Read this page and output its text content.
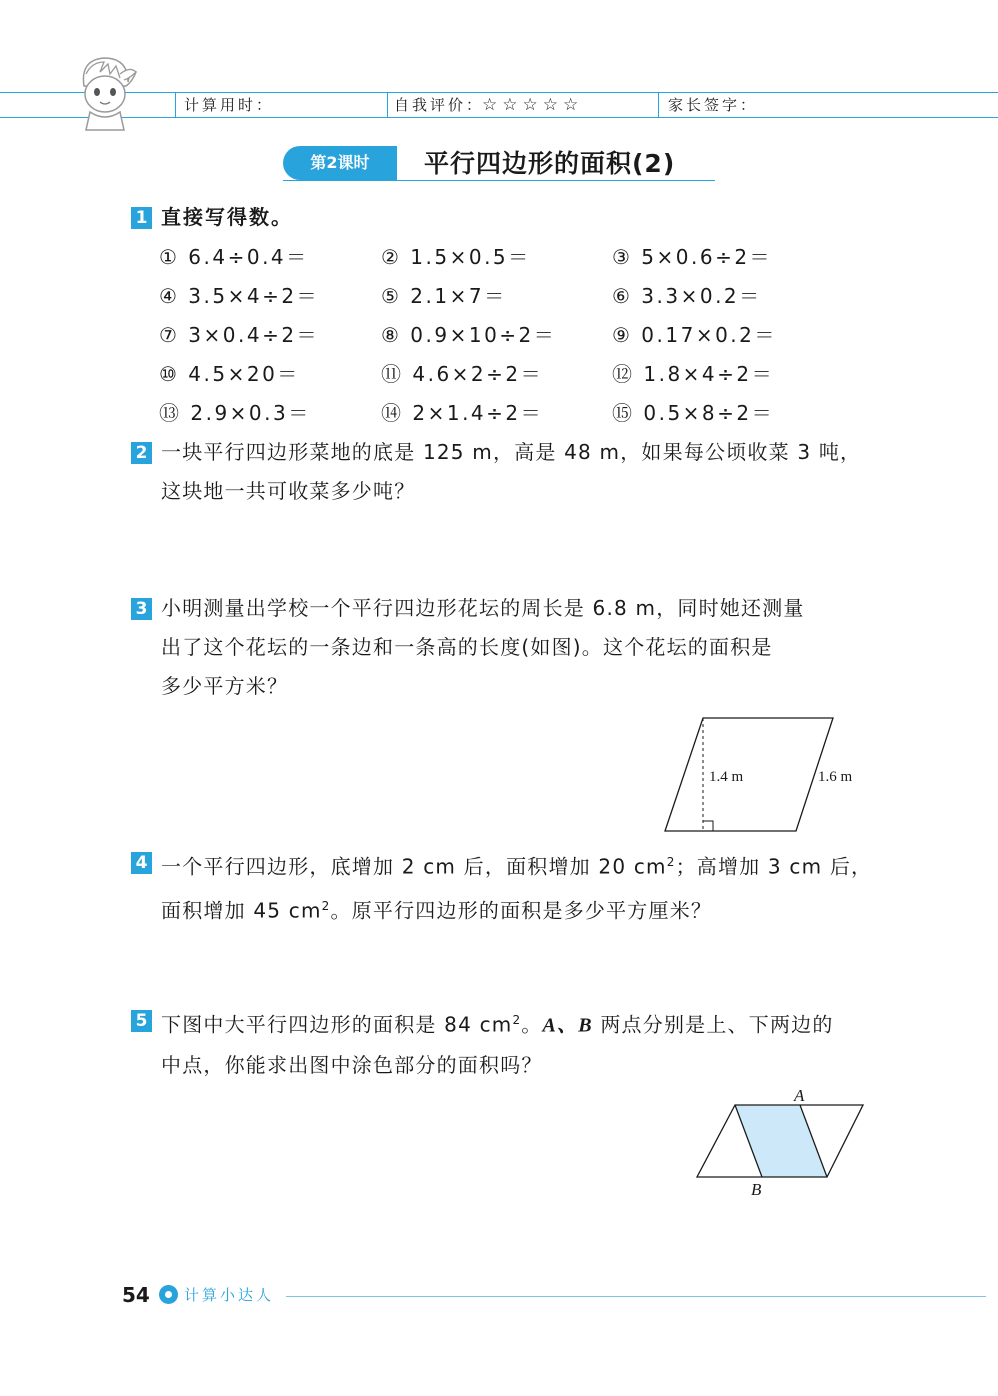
计算用时：	自我评价：
☆☆☆☆☆	家长签字：
第2课时	平行四边形的面积(2)
1 直接写得数。
① 6.4÷0.4＝	② 1.5×0.5＝	③ 5×0.6÷2＝
④ 3.5×4÷2＝	⑤ 2.1×7＝	⑥ 3.3×0.2＝
⑦ 3×0.4÷2＝	⑧ 0.9×10÷2＝	⑨ 0.17×0.2＝
⑩ 4.5×20＝	⑪ 4.6×2÷2＝	⑫ 1.8×4÷2＝
⑬ 2.9×0.3＝	⑭ 2×1.4÷2＝	⑮ 0.5×8÷2＝
2 一块平行四边形菜地的底是 125 m，高是 48 m，如果每公顷收菜 3 吨，
这块地一共可收菜多少吨？
3 小明测量出学校一个平行四边形花坛的周长是 6.8 m，同时她还测量
出了这个花坛的一条边和一条高的长度(如图)。这个花坛的面积是
多少平方米？
1.4 m	1.6 m
4 一个平行四边形，底增加 2 cm 后，面积增加 20 $cm^2$；高增加 3 cm 后，
面积增加 45 $cm^2$。原平行四边形的面积是多少平方厘米？
5 下图中大平行四边形的面积是 84 $cm^2$。A、B 两点分别是上、下两边的
中点，你能求出图中涂色部分的面积吗？
A
B
54 计算小达人
